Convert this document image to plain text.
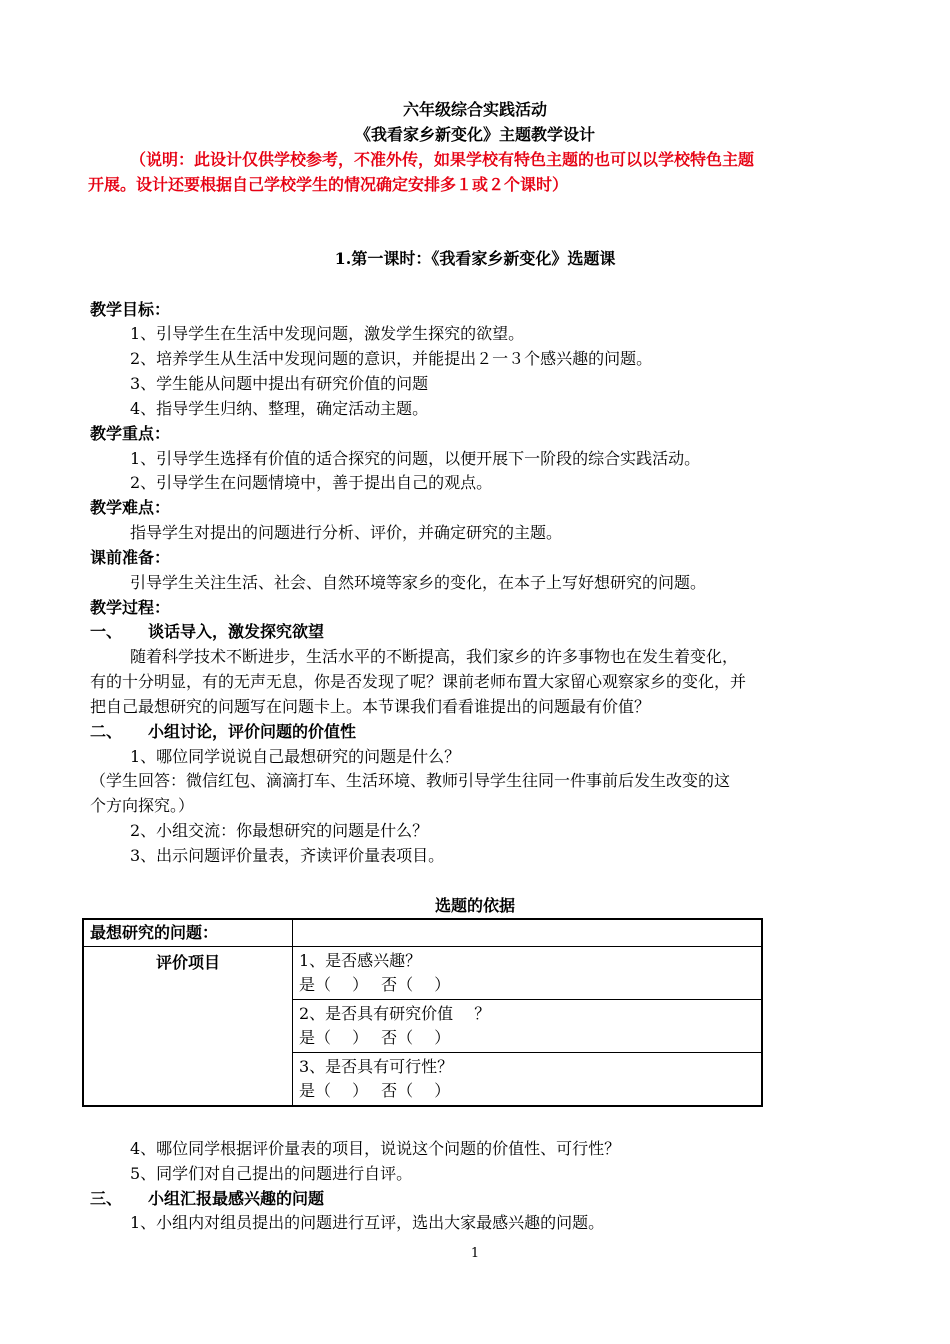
六年级综合实践活动
《我看家乡新变化》主题教学设计
（说明：此设计仅供学校参考，不准外传，如果学校有特色主题的也可以以学校特色主题
开展。设计还要根据自己学校学生的情况确定安排多１或２个课时）
1.第一课时：《我看家乡新变化》选题课
教学目标：
1、引导学生在生活中发现问题，激发学生探究的欲望。
2、培养学生从生活中发现问题的意识，并能提出２一３个感兴趣的问题。
3、学生能从问题中提出有研究价值的问题
4、指导学生归纳、整理，确定活动主题。
教学重点：
1、引导学生选择有价值的适合探究的问题，以便开展下一阶段的综合实践活动。
2、引导学生在问题情境中，善于提出自己的观点。
教学难点：
指导学生对提出的问题进行分析、评价，并确定研究的主题。
课前准备：
引导学生关注生活、社会、自然环境等家乡的变化，在本子上写好想研究的问题。
教学过程：
一、 谈话导入，激发探究欲望
随着科学技术不断进步，生活水平的不断提高，我们家乡的许多事物也在发生着变化，
有的十分明显，有的无声无息，你是否发现了呢？课前老师布置大家留心观察家乡的变化，并
把自己最想研究的问题写在问题卡上。本节课我们看看谁提出的问题最有价值？
二、 小组讨论，评价问题的价值性
1、哪位同学说说自己最想研究的问题是什么？
（学生回答：微信红包、滴滴打车、生活环境、教师引导学生往同一件事前后发生改变的这
个方向探究。）
2、小组交流：你最想研究的问题是什么？
3、出示问题评价量表，齐读评价量表项目。
选题的依据
最想研究的问题：	
评价项目	1、是否感兴趣？
是（　 ）　 否（　 ）

	2、是否具有研究价值　 ？
是（　 ）　 否（　 ）

	3、是否具有可行性？
是（　 ）　 否（　 ）
4、哪位同学根据评价量表的项目，说说这个问题的价值性、可行性？
5、同学们对自己提出的问题进行自评。
三、 小组汇报最感兴趣的问题
1、小组内对组员提出的问题进行互评，选出大家最感兴趣的问题。
1
